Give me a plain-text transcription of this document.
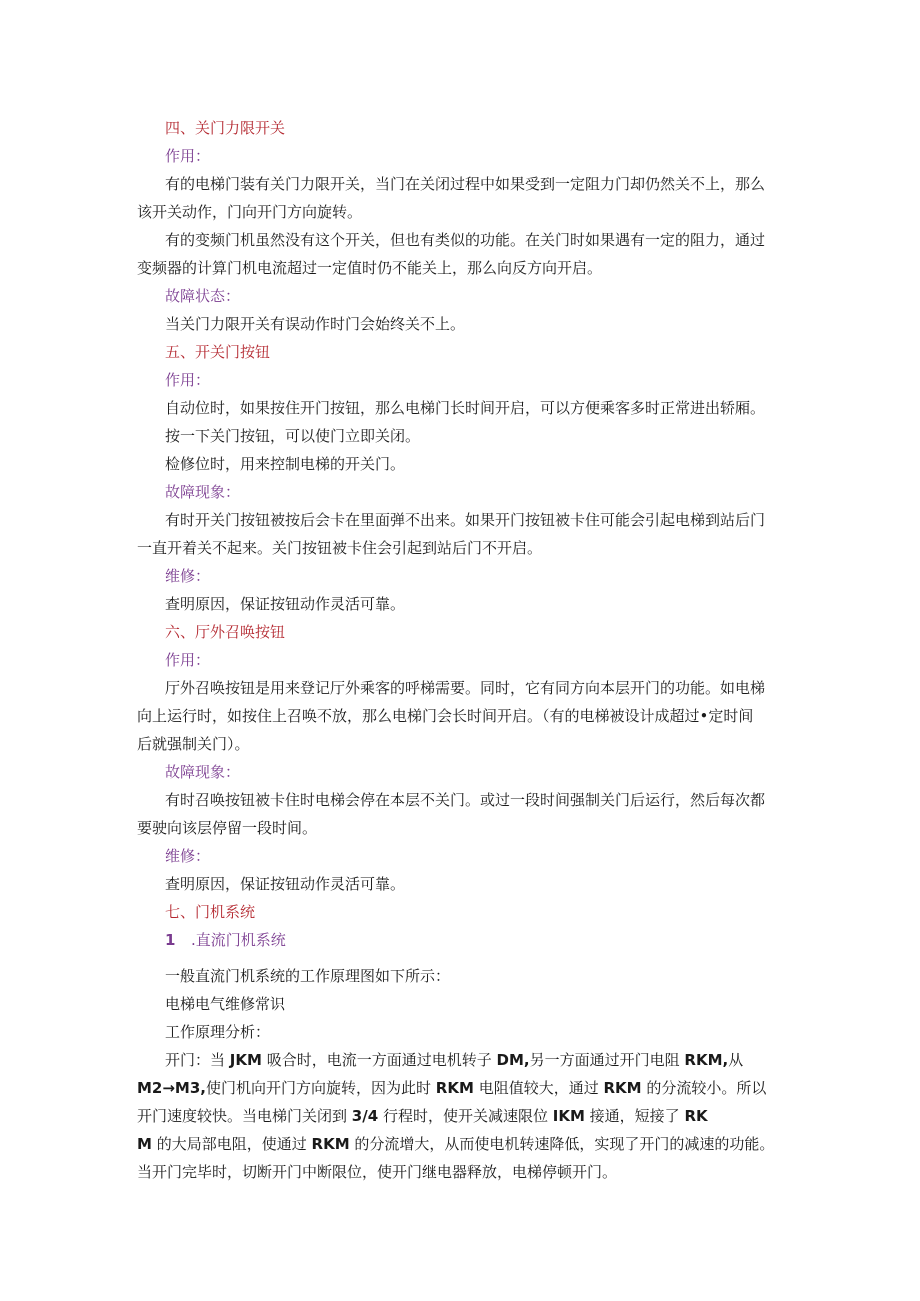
四、关门力限开关
作用：
有的电梯门装有关门力限开关，当门在关闭过程中如果受到一定阻力门却仍然关不上，那么
该开关动作，门向开门方向旋转。
有的变频门机虽然没有这个开关，但也有类似的功能。在关门时如果遇有一定的阻力，通过
变频器的计算门机电流超过一定值时仍不能关上，那么向反方向开启。
故障状态：
当关门力限开关有误动作时门会始终关不上。
五、开关门按钮
作用：
自动位时，如果按住开门按钮，那么电梯门长时间开启，可以方便乘客多时正常进出轿厢。
按一下关门按钮，可以使门立即关闭。
检修位时，用来控制电梯的开关门。
故障现象：
有时开关门按钮被按后会卡在里面弹不出来。如果开门按钮被卡住可能会引起电梯到站后门
一直开着关不起来。关门按钮被卡住会引起到站后门不开启。
维修：
查明原因，保证按钮动作灵活可靠。
六、厅外召唤按钮
作用：
厅外召唤按钮是用来登记厅外乘客的呼梯需要。同时，它有同方向本层开门的功能。如电梯
向上运行时，如按住上召唤不放，那么电梯门会长时间开启。（有的电梯被设计成超过•定时间
后就强制关门）。
故障现象：
有时召唤按钮被卡住时电梯会停在本层不关门。或过一段时间强制关门后运行，然后每次都
要驶向该层停留一段时间。
维修：
查明原因，保证按钮动作灵活可靠。
七、门机系统
1 .直流门机系统
一般直流门机系统的工作原理图如下所示：
电梯电气维修常识
工作原理分析：
开门：当 JKM 吸合时，电流一方面通过电机转子 DM,另一方面通过开门电阻 RKM,从
M2→M3,使门机向开门方向旋转，因为此时 RKM 电阻值较大，通过 RKM 的分流较小。所以
开门速度较快。当电梯门关闭到 3/4 行程时，使开关减速限位 IKM 接通，短接了 RK
M 的大局部电阻，使通过 RKM 的分流增大，从而使电机转速降低，实现了开门的减速的功能。
当开门完毕时，切断开门中断限位，使开门继电器释放，电梯停顿开门。
